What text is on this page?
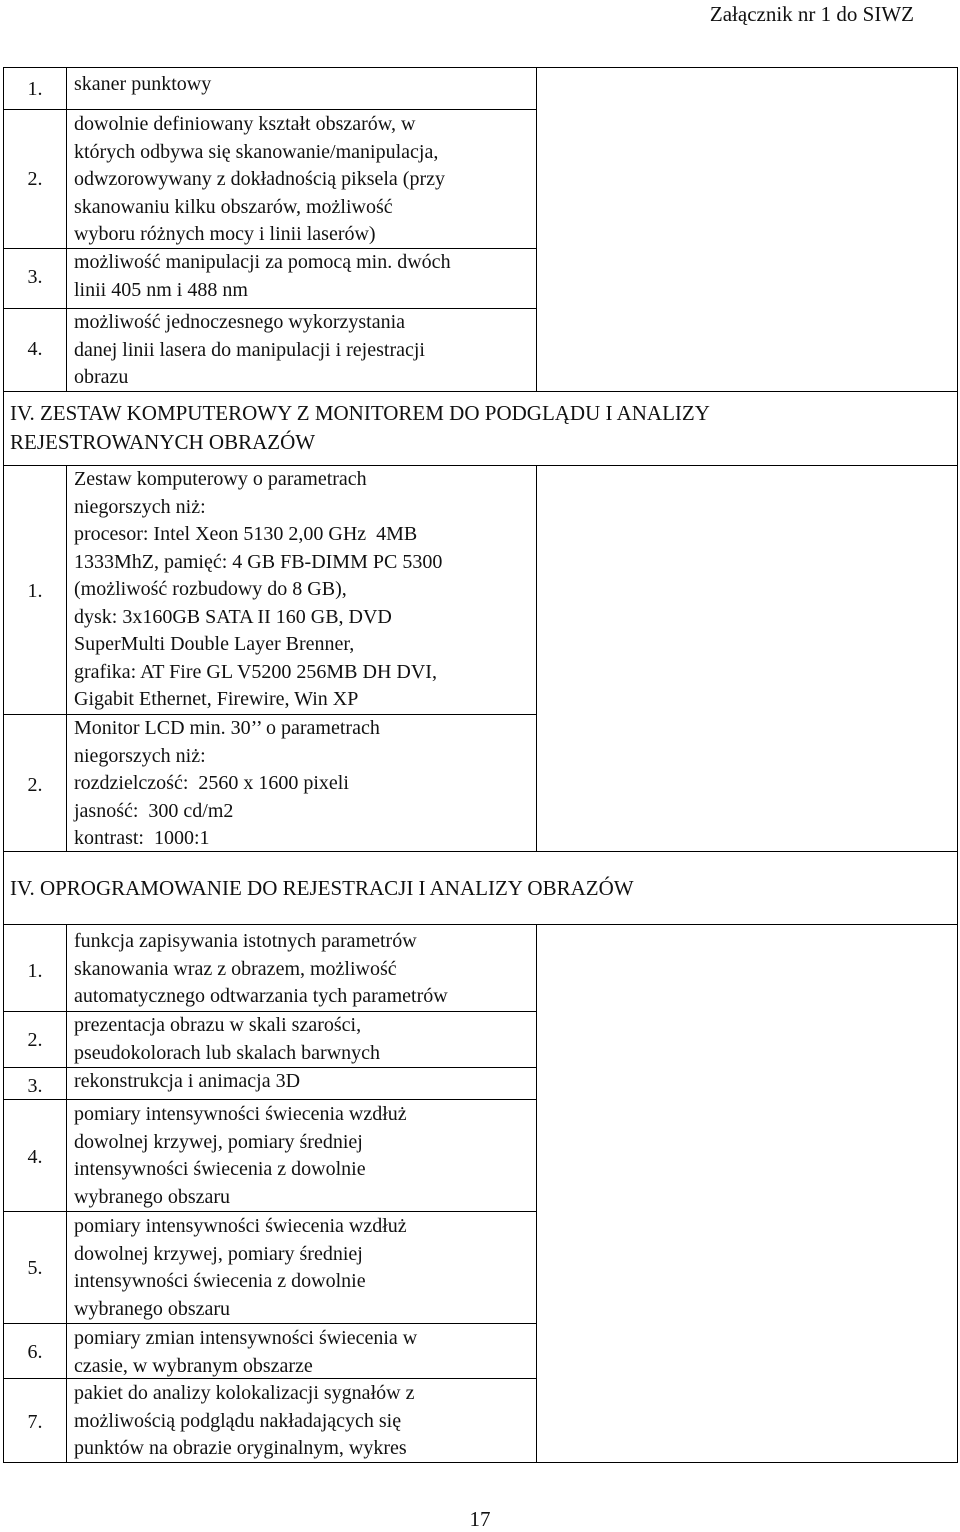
Załącznik nr 1 do SIWZ
1.	skaner punktowy
2.
dowolnie definiowany kształt obszarów, w
których odbywa się skanowanie/manipulacja,
odwzorowywany z dokładnością piksela (przy
skanowaniu kilku obszarów, możliwość
wyboru różnych mocy i linii laserów)
3.
możliwość manipulacji za pomocą min. dwóch
linii 405 nm i 488 nm
4.
możliwość jednoczesnego wykorzystania
danej linii lasera do manipulacji i rejestracji
obrazu
IV. ZESTAW KOMPUTEROWY Z MONITOREM DO PODGLĄDU I ANALIZY
REJESTROWANYCH OBRAZÓW
1.
Zestaw komputerowy o parametrach
niegorszych niż:
procesor: Intel Xeon 5130 2,00 GHz  4MB
1333MhZ, pamięć: 4 GB FB-DIMM PC 5300
(możliwość rozbudowy do 8 GB),
dysk: 3x160GB SATA II 160 GB, DVD
SuperMulti Double Layer Brenner,
grafika: AT Fire GL V5200 256MB DH DVI,
Gigabit Ethernet, Firewire, Win XP
2.
Monitor LCD min. 30’’ o parametrach
niegorszych niż:
rozdzielczość:  2560 x 1600 pixeli
jasność:  300 cd/m2
kontrast:  1000:1
IV. OPROGRAMOWANIE DO REJESTRACJI I ANALIZY OBRAZÓW
1.
funkcja zapisywania istotnych parametrów
skanowania wraz z obrazem, możliwość
automatycznego odtwarzania tych parametrów
2.
prezentacja obrazu w skali szarości,
pseudokolorach lub skalach barwnych
3.	rekonstrukcja i animacja 3D
4.
pomiary intensywności świecenia wzdłuż
dowolnej krzywej, pomiary średniej
intensywności świecenia z dowolnie
wybranego obszaru
5.
pomiary intensywności świecenia wzdłuż
dowolnej krzywej, pomiary średniej
intensywności świecenia z dowolnie
wybranego obszaru
6.
pomiary zmian intensywności świecenia w
czasie, w wybranym obszarze
7.
pakiet do analizy kolokalizacji sygnałów z
możliwością podglądu nakładających się
punktów na obrazie oryginalnym, wykres
17
